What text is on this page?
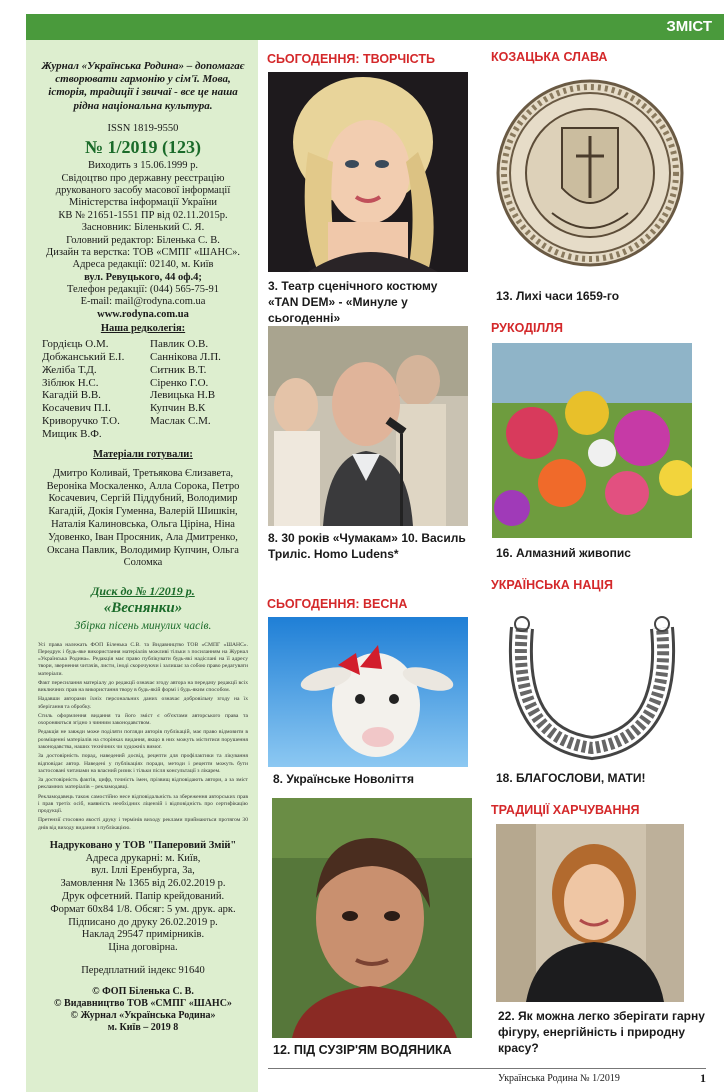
ЗМІСТ
Журнал «Українська Родина» – допомагає створювати гармонію у сім'ї. Мова, історія, традиції і звичаї - все це наша рідна національна культура.
ISSN 1819-9550
№ 1/2019 (123)
Виходить з 15.06.1999 р.
Свідоцтво про державну реєстрацію
друкованого засобу масової інформації
Міністерства інформації України
КВ № 21651-1551 ПР від 02.11.2015р.
Засновник: Біленький С. Я.
Головний редактор: Біленька С. В.
Дизайн та верстка: ТОВ «СМПГ «ШАНС».
Адреса редакції: 02140, м. Київ
вул. Ревуцького, 44 оф.4;
Телефон редакції: (044) 565-75-91
E-mail: mail@rodyna.com.ua
www.rodyna.com.ua
Наша редколегія:
Гордієць О.М.	Павлик О.В.
Добжанський Е.І.	Саннікова Л.П.
Желіба Т.Д.	Ситник В.Т.
Зіблюк Н.С.	Сіренко Г.О.
Кагадій В.В.	Левицька Н.В
Косачевич П.І.	Купчин В.К
Криворучко Т.О.	Маслак С.М.
Мищик В.Ф.
Матеріали готували:
Дмитро Коливай, Третьякова Єлизавета, Вероніка Москаленко, Алла Сорока, Петро Косачевич, Сергій Піддубний, Володимир Кагадій, Докія Гуменна, Валерій Шишкін, Наталія Калиновська, Ольга Ціріна, Ніна Удовенко, Іван Просяник, Ала Дмитренко, Оксана Павлик, Володимир Купчин, Ольга Соломка
Диск до № 1/2019 р.
«Веснянки»
Збірка пісень минулих часів.

Усі права належать ФОП Біленька С.В. та Видавництво ТОВ «СМПГ «ШАНС». Передрук і будь-яке використання матеріалів можливі тільки з посиланням на Журнал «Українська Родина». Редакція має право публікувати будь-які надіслані на її адресу твори, звернення читачів, листи, іноді скорочуючи і залишає за собою право редагувати матеріали.

Факт пересилання матеріалу до редакції означає згоду автора на передачу редакції всіх виключних прав на використання твору в будь-якій формі і будь-яким способом.

Надавши авторами їхніх персональних даних означає добровільну згоду на їх зберігання та обробку.

Стиль оформлення видання та його зміст є об'єктами авторського права та охороняються згідно з чинним законодавством.

Редакція не завжди може поділяти погляди авторів публікацій, має право відмовити в розміщенні матеріалів на сторінках видання, якщо в них можуть міститися порушення законодавства, наших технічних чи художніх вимог.

За достовірність порад, наведений досвід, рецепти для профілактики та лікування відповідає автор. Наведені у публікаціях поради, методи і рецепти можуть бути застосовані читачами на власний ризик і тільки після консультації з лікарем.

За достовірність фактів, цифр, точність імен, прізвищ відповідають автори, а за зміст рекламних матеріалів – рекламодавці.

Рекламодавець також самостійно несе відповідальність за збереження авторських прав і прав третіх осіб, наявність необхідних ліцензій і відповідність про сертифікацію продукції.

Претензії стосовно якості друку і термінів виходу реклами приймаються протягом 30 днів від виходу видання з публікацією.

Надруковано у ТОВ "Паперовий Змій"
Адреса друкарні: м. Київ,
вул. Іллі Еренбурга, 3а,
Замовлення № 1365 від 26.02.2019 р.
Друк офсетний. Папір крейдований.
Формат 60х84 1/8. Обсяг: 5 ум. друк. арк.
Підписано до друку 26.02.2019 р.
Наклад 29547 примірників.
Ціна договірна.
Передплатний індекс 91640
© ФОП Біленька С. В.
© Видавництво ТОВ «СМПГ «ШАНС»
© Журнал «Українська Родина»
м. Київ – 2019 8
СЬОГОДЕННЯ: ТВОРЧІСТЬ
3. Театр сценічного костюму «TAN DEM» - «Минуле у сьогоденні»
8. 30 років «Чумакам» 10. Василь Триліс. Homo Ludens*
СЬОГОДЕННЯ: ВЕСНА
8. Українське Новоліття
12. ПІД СУЗІР'ЯМ ВОДЯНИКА
КОЗАЦЬКА СЛАВА
13. Лихі часи 1659-го
РУКОДІЛЛЯ
16. Алмазний живопис
УКРАЇНСЬКА НАЦІЯ
18. БЛАГОСЛОВИ, МАТИ!
ТРАДИЦІЇ ХАРЧУВАННЯ
22. Як можна легко зберігати гарну фігуру, енергійність і природну красу?
Українська Родина № 1/2019	1
